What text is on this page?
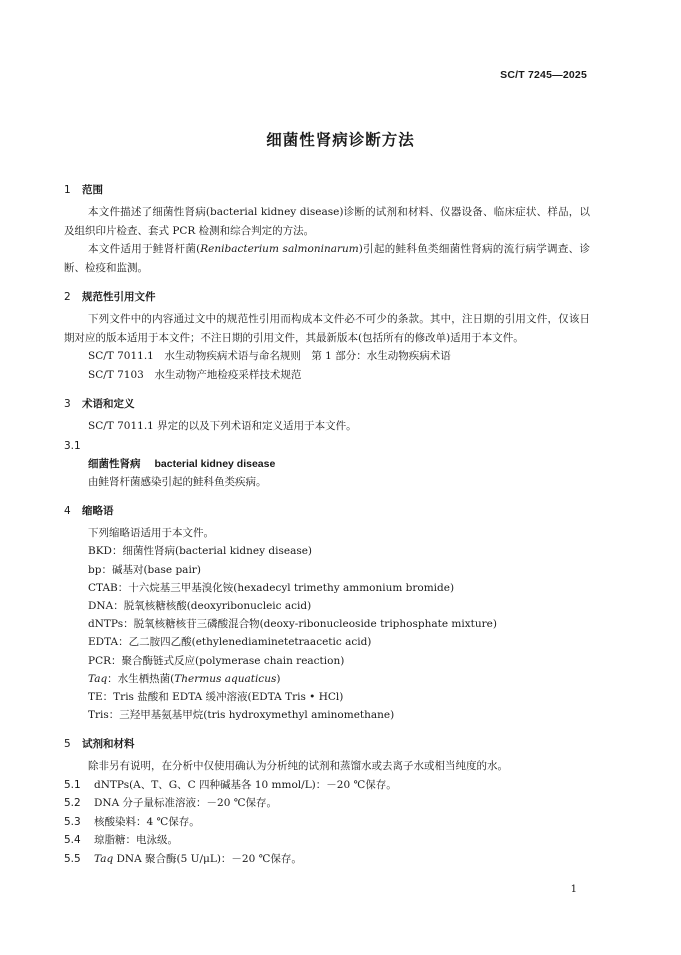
SC/T 7245—2025
细菌性肾病诊断方法
1 范围
本文件描述了细菌性肾病(bacterial kidney disease)诊断的试剂和材料、仪器设备、临床症状、样品，以及组织印片检查、套式 PCR 检测和综合判定的方法。
本文件适用于鲑肾杆菌(Renibacterium salmoninarum)引起的鲑科鱼类细菌性肾病的流行病学调查、诊断、检疫和监测。
2 规范性引用文件
下列文件中的内容通过文中的规范性引用而构成本文件必不可少的条款。其中，注日期的引用文件，仅该日期对应的版本适用于本文件；不注日期的引用文件，其最新版本(包括所有的修改单)适用于本文件。
SC/T 7011.1　水生动物疾病术语与命名规则　第 1 部分：水生动物疾病术语
SC/T 7103　水生动物产地检疫采样技术规范
3 术语和定义
SC/T 7011.1 界定的以及下列术语和定义适用于本文件。
3.1
细菌性肾病 bacterial kidney disease
由鲑肾杆菌感染引起的鲑科鱼类疾病。
4 缩略语
下列缩略语适用于本文件。
BKD：细菌性肾病(bacterial kidney disease)
bp：碱基对(base pair)
CTAB：十六烷基三甲基溴化铵(hexadecyl trimethy ammonium bromide)
DNA：脱氧核糖核酸(deoxyribonucleic acid)
dNTPs：脱氧核糖核苷三磷酸混合物(deoxy-ribonucleoside triphosphate mixture)
EDTA：乙二胺四乙酸(ethylenediaminetetraacetic acid)
PCR：聚合酶链式反应(polymerase chain reaction)
Taq：水生栖热菌(Thermus aquaticus)
TE：Tris 盐酸和 EDTA 缓冲溶液(EDTA Tris • HCl)
Tris：三羟甲基氨基甲烷(tris hydroxymethyl aminomethane)
5 试剂和材料
除非另有说明，在分析中仅使用确认为分析纯的试剂和蒸馏水或去离子水或相当纯度的水。
5.1 dNTPs(A、T、G、C 四种碱基各 10 mmol/L)：－20 ℃保存。
5.2 DNA 分子量标准溶液：－20 ℃保存。
5.3 核酸染料：4 ℃保存。
5.4 琼脂糖：电泳级。
5.5 Taq DNA 聚合酶(5 U/μL)：－20 ℃保存。
1
